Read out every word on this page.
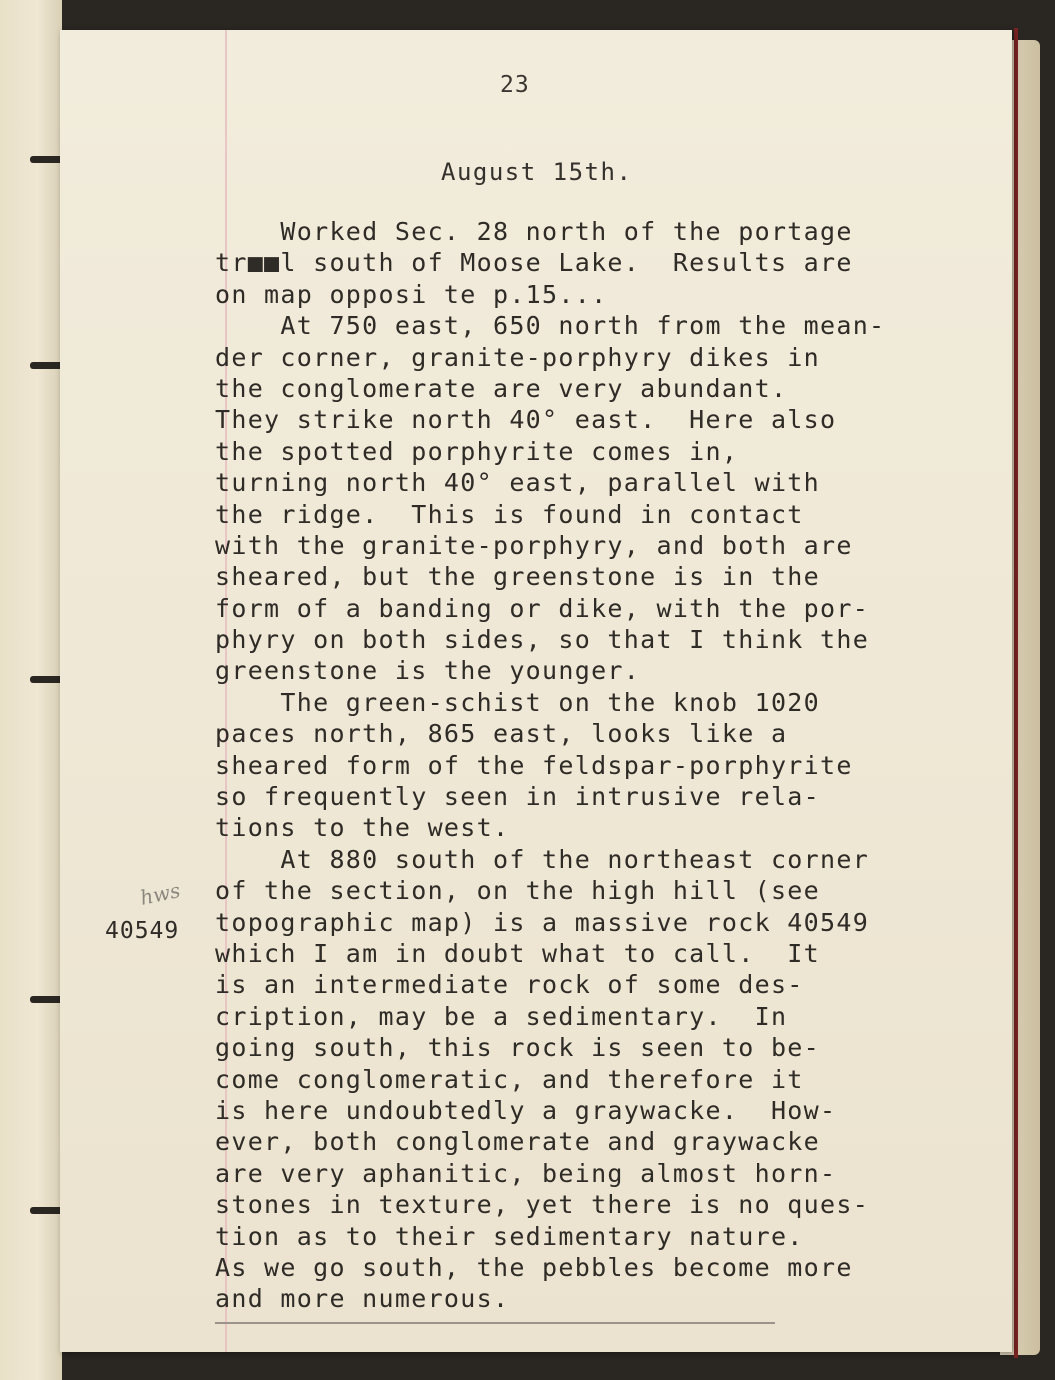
23
August 15th.
hws
40549
Worked Sec. 28 north of the portage
tr■■l south of Moose Lake.  Results are
on map opposi te p.15...
At 750 east, 650 north from the mean-
der corner, granite-porphyry dikes in
the conglomerate are very abundant.
They strike north 40° east.  Here also
the spotted porphyrite comes in,
turning north 40° east, parallel with
the ridge.  This is found in contact
with the granite-porphyry, and both are
sheared, but the greenstone is in the
form of a banding or dike, with the por-
phyry on both sides, so that I think the
greenstone is the younger.
The green-schist on the knob 1020
paces north, 865 east, looks like a
sheared form of the feldspar-porphyrite
so frequently seen in intrusive rela-
tions to the west.
At 880 south of the northeast corner
of the section, on the high hill (see
topographic map) is a massive rock 40549
which I am in doubt what to call.  It
is an intermediate rock of some des-
cription, may be a sedimentary.  In
going south, this rock is seen to be-
come conglomeratic, and therefore it
is here undoubtedly a graywacke.  How-
ever, both conglomerate and graywacke
are very aphanitic, being almost horn-
stones in texture, yet there is no ques-
tion as to their sedimentary nature.
As we go south, the pebbles become more
and more numerous.
